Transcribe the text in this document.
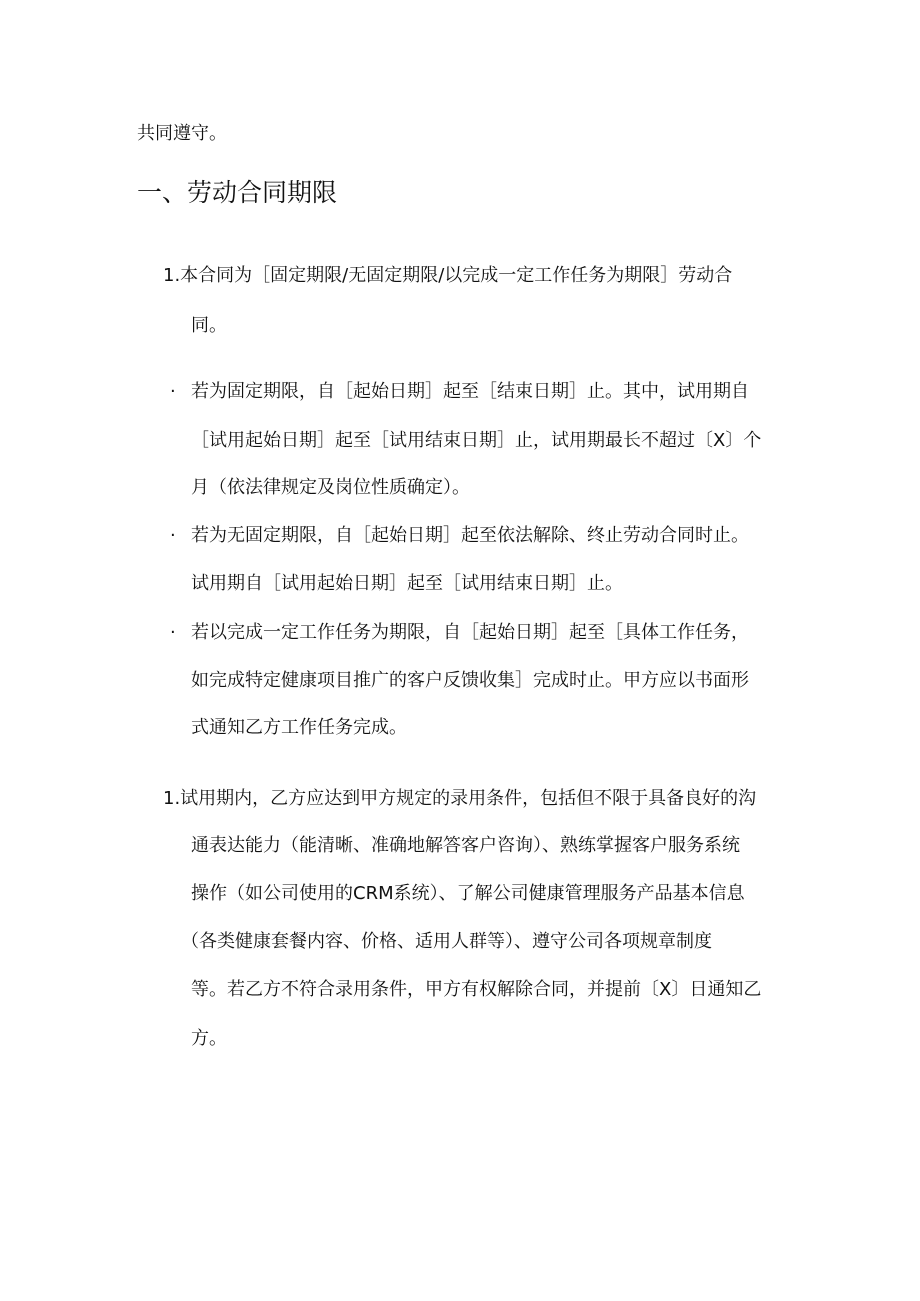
共同遵守。
一、劳动合同期限
1.本合同为［固定期限/无固定期限/以完成一定工作任务为期限］劳动合
同。
· 若为固定期限，自［起始日期］起至［结束日期］止。其中，试用期自
［试用起始日期］起至［试用结束日期］止，试用期最长不超过〔X〕个
月（依法律规定及岗位性质确定）。
· 若为无固定期限，自［起始日期］起至依法解除、终止劳动合同时止。
试用期自［试用起始日期］起至［试用结束日期］止。
· 若以完成一定工作任务为期限，自［起始日期］起至［具体工作任务，
如完成特定健康项目推广的客户反馈收集］完成时止。甲方应以书面形
式通知乙方工作任务完成。
1.试用期内，乙方应达到甲方规定的录用条件，包括但不限于具备良好的沟
通表达能力（能清晰、准确地解答客户咨询）、熟练掌握客户服务系统
操作（如公司使用的CRM系统）、了解公司健康管理服务产品基本信息
（各类健康套餐内容、价格、适用人群等）、遵守公司各项规章制度
等。若乙方不符合录用条件，甲方有权解除合同，并提前〔X〕日通知乙
方。
